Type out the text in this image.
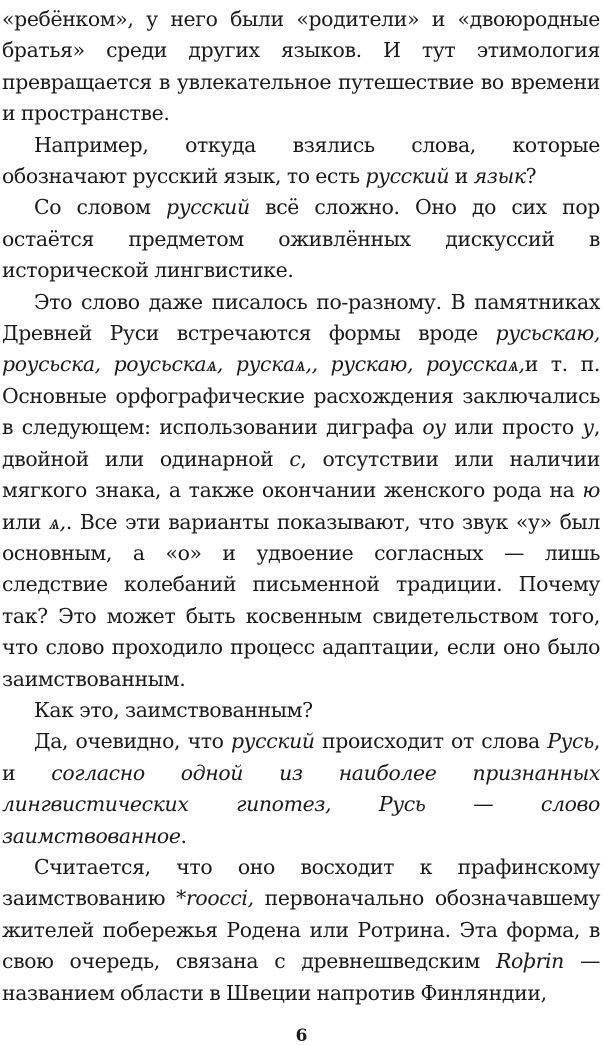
«ребёнком», у него были «родители» и «двоюродные братья» среди других языков. И тут этимология превращается в увлекательное путешествие во времени и пространстве.

Например, откуда взялись слова, которые обозначают русский язык, то есть русский и язык?

Со словом русский всё сложно. Оно до сих пор остаётся предметом оживлённых дискуссий в исторической лингвистике.

Это слово даже писалось по-разному. В памятниках Древней Руси встречаются формы вроде русьскаю, роусьска, роусьскаѧ, рускаѧ,, рускаю, роусскаѧ,и т. п. Основные орфографические расхождения заключались в следующем: использовании диграфа оу или просто у, двойной или одинарной с, отсутствии или наличии мягкого знака, а также окончании женского рода на ю или ѧ,. Все эти варианты показывают, что звук «у» был основным, а «о» и удвоение согласных — лишь следствие колебаний письменной традиции. Почему так? Это может быть косвенным свидетельством того, что слово проходило процесс адаптации, если оно было заимствованным.

Как это, заимствованным?

Да, очевидно, что русский происходит от слова Русь, и согласно одной из наиболее признанных лингвистических гипотез, Русь — слово заимствованное.

Считается, что оно восходит к прафинскому заимствованию *roocci, первоначально обозначавшему жителей побережья Родена или Ротрина. Эта форма, в свою очередь, связана с древнешведским Roþrin — названием области в Швеции напротив Финляндии,

6
